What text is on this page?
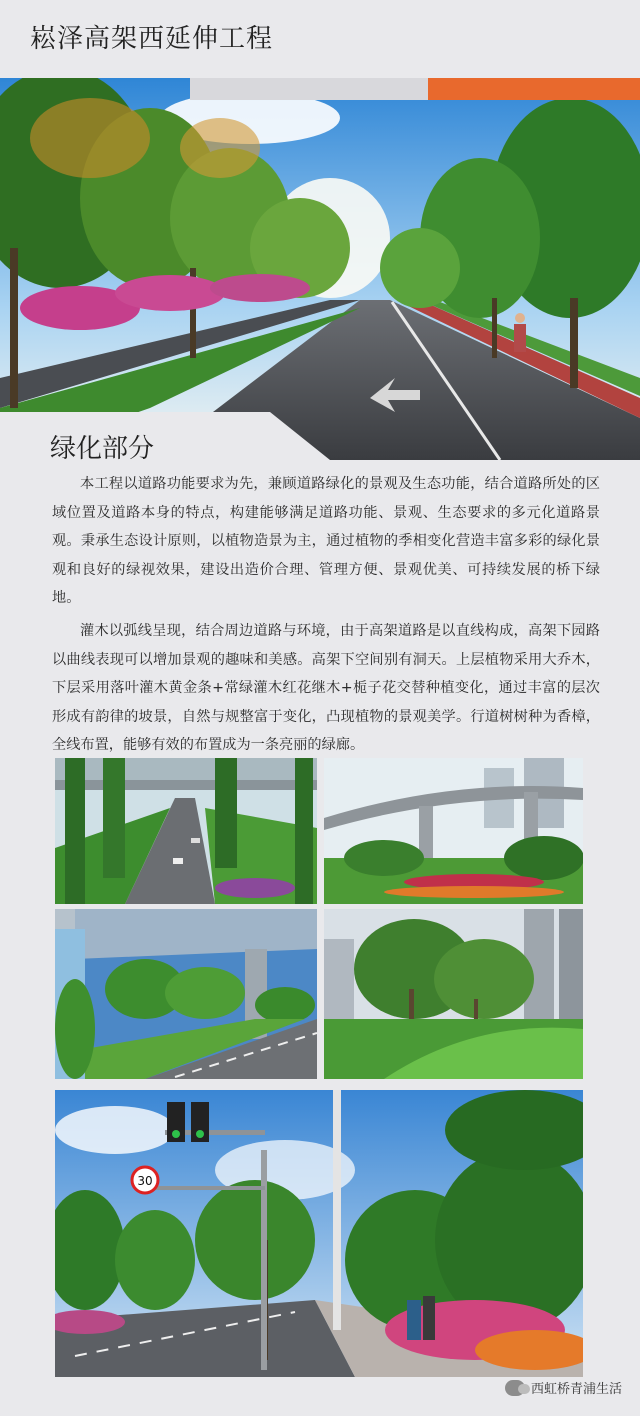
崧泽高架西延伸工程
绿化部分

本工程以道路功能要求为先，兼顾道路绿化的景观及生态功能，结合道路所处的区域位置及道路本身的特点，构建能够满足道路功能、景观、生态要求的多元化道路景观。秉承生态设计原则，以植物造景为主，通过植物的季相变化营造丰富多彩的绿化景观和良好的绿视效果，建设出造价合理、管理方便、景观优美、可持续发展的桥下绿地。

灌木以弧线呈现，结合周边道路与环境，由于高架道路是以直线构成，高架下园路以曲线表现可以增加景观的趣味和美感。高架下空间别有洞天。上层植物采用大乔木，下层采用落叶灌木黄金条+常绿灌木红花继木+栀子花交替种植变化，通过丰富的层次形成有韵律的坡景，自然与规整富于变化，凸现植物的景观美学。行道树树种为香樟，全线布置，能够有效的布置成为一条亮丽的绿廊。

30
西虹桥青浦生活
